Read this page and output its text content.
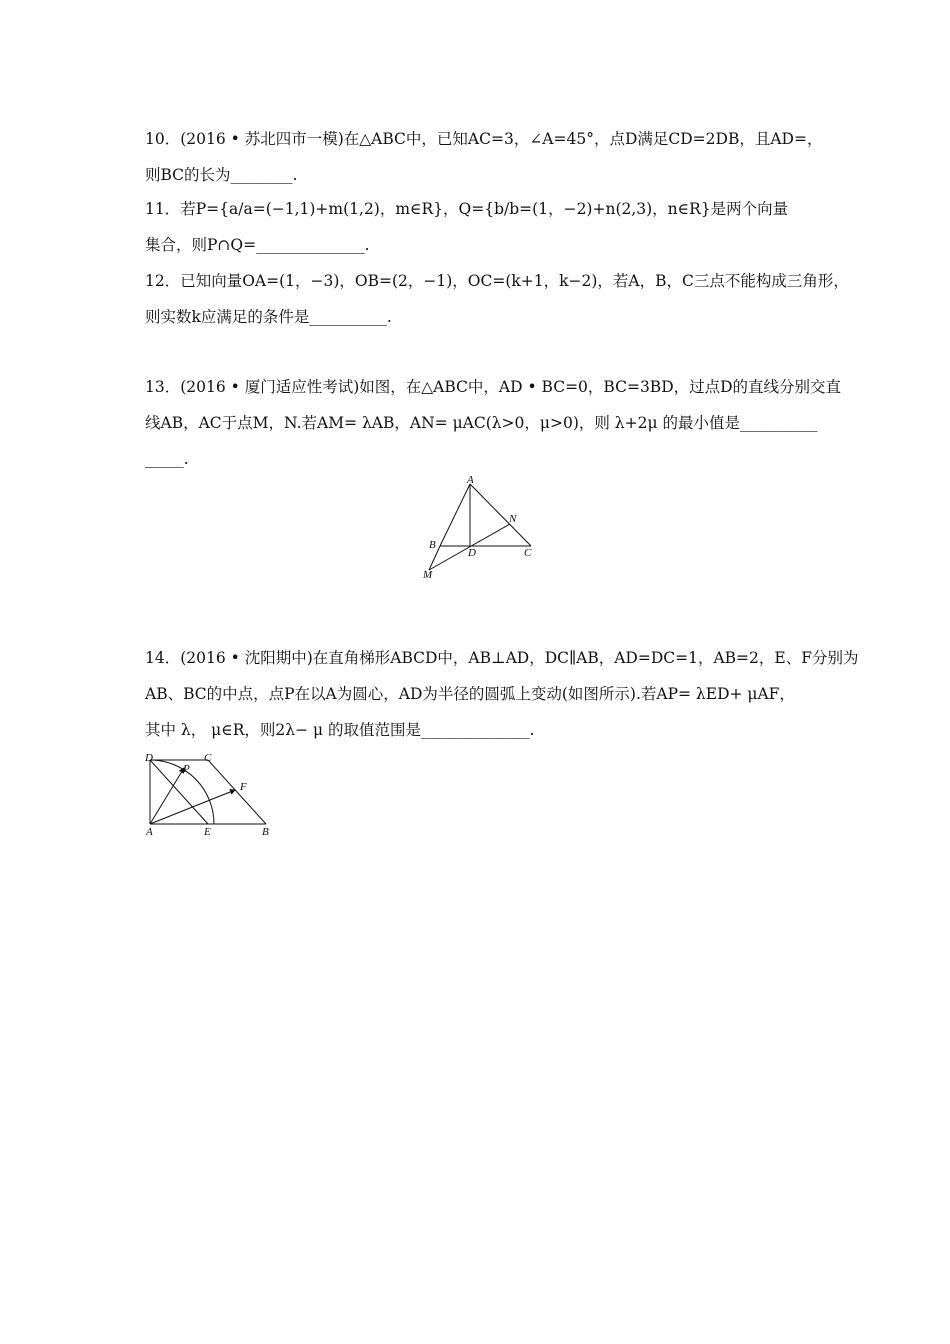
10．(2016 • 苏北四市一模)在△ABC中，已知AC=3，∠A=45°，点D满足CD=2DB，且AD=，
则BC的长为________.
11．若P={a/a=(−1,1)+m(1,2)，m∈R}，Q={b/b=(1，−2)+n(2,3)，n∈R}是两个向量
集合，则P∩Q=______________.
12．已知向量OA=(1，−3)，OB=(2，−1)，OC=(k+1，k−2)，若A，B，C三点不能构成三角形，
则实数k应满足的条件是__________.
13．(2016 • 厦门适应性考试)如图，在△ABC中，AD • BC=0，BC=3BD，过点D的直线分别交直
线AB，AC于点M，N.若AM= λAB，AN= μAC(λ>0，μ>0)，则 λ+2μ 的最小值是__________
_____.
A
B
C
D
M
N
14．(2016 • 沈阳期中)在直角梯形ABCD中，AB⊥AD，DC∥AB，AD=DC=1，AB=2，E、F分别为
AB、BC的中点，点P在以A为圆心，AD为半径的圆弧上变动(如图所示).若AP= λED+ μAF，
其中 λ， μ∈R，则2λ− μ 的取值范围是______________.
D	C
P
F
A	E	B
